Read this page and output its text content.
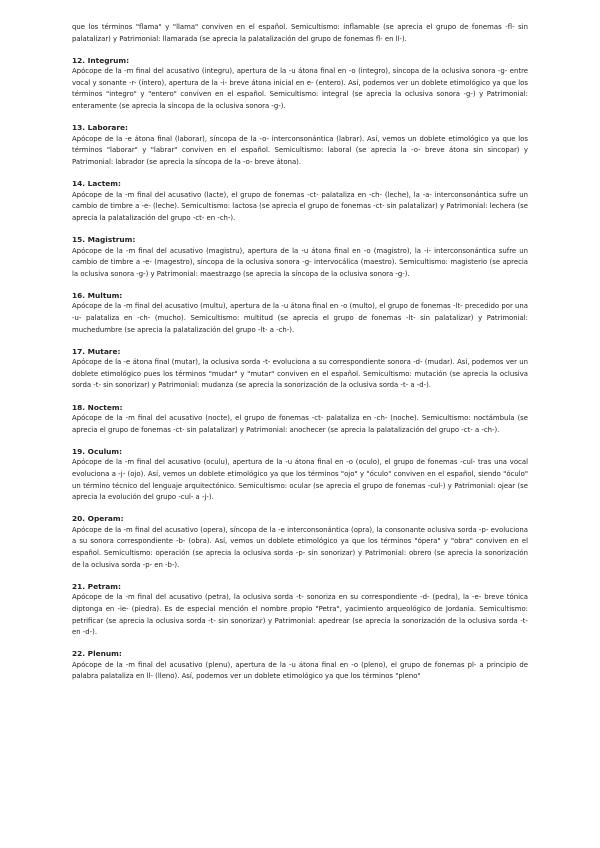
que los términos "flama" y "llama" conviven en el español. Semicultismo: inflamable (se aprecia el grupo de fonemas -fl- sin palatalizar) y Patrimonial: llamarada (se aprecia la palatalización del grupo de fonemas fl- en ll-).

12. Integrum:

Apócope de la -m final del acusativo (integru), apertura de la -u átona final en -o (integro), síncopa de la oclusiva sonora -g- entre vocal y sonante -r- (íntero), apertura de la -i- breve átona inicial en e- (entero). Así, podemos ver un doblete etimológico ya que los términos "integro" y "entero" conviven en el español. Semicultismo: integral (se aprecia la oclusiva sonora -g-) y Patrimonial: enteramente (se aprecia la síncopa de la oclusiva sonora -g-).

13. Laborare:

Apócope de la -e átona final (laborar), síncopa de la -o- interconsonántica (labrar). Así, vemos un doblete etimológico ya que los términos "laborar" y "labrar" conviven en el español. Semicultismo: laboral (se aprecia la -o- breve átona sin sincopar) y Patrimonial: labrador (se aprecia la síncopa de la -o- breve átona).

14. Lactem:

Apócope de la -m final del acusativo (lacte), el grupo de fonemas -ct- palataliza en -ch- (leche), la -a- interconsonántica sufre un cambio de timbre a -e- (leche). Semicultismo: lactosa (se aprecia el grupo de fonemas -ct- sin palatalizar) y Patrimonial: lechera (se aprecia la palatalización del grupo -ct- en -ch-).

15. Magistrum:

Apócope de la -m final del acusativo (magistru), apertura de la -u átona final en -o (magistro), la -i- interconsonántica sufre un cambio de timbre a -e- (magestro), síncopa de la oclusiva sonora -g- intervocálica (maestro). Semicultismo: magisterio (se aprecia la oclusiva sonora -g-) y Patrimonial: maestrazgo (se aprecia la síncopa de la oclusiva sonora -g-).

16. Multum:

Apócope de la -m final del acusativo (multu), apertura de la -u átona final en -o (multo), el grupo de fonemas -lt- precedido por una -u- palataliza en -ch- (mucho). Semicultismo: multitud (se aprecia el grupo de fonemas -lt- sin palatalizar) y Patrimonial: muchedumbre (se aprecia la palatalización del grupo -lt- a -ch-).

17. Mutare:

Apócope de la -e átona final (mutar), la oclusiva sorda -t- evoluciona a su correspondiente sonora -d- (mudar). Así, podemos ver un doblete etimológico pues los términos "mudar" y "mutar" conviven en el español. Semicultismo: mutación (se aprecia la oclusiva sorda -t- sin sonorizar) y Patrimonial: mudanza (se aprecia la sonorización de la oclusiva sorda -t- a -d-).

18. Noctem:

Apócope de la -m final del acusativo (nocte), el grupo de fonemas -ct- palataliza en -ch- (noche). Semicultismo: noctámbula (se aprecia el grupo de fonemas -ct- sin palatalizar) y Patrimonial: anochecer (se aprecia la palatalización del grupo -ct- a -ch-).

19. Oculum:

Apócope de la -m final del acusativo (oculu), apertura de la -u átona final en -o (oculo), el grupo de fonemas -cul- tras una vocal evoluciona a -j- (ojo). Así, vemos un doblete etimológico ya que los términos "ojo" y "óculo" conviven en el español, siendo "óculo" un término técnico del lenguaje arquitectónico. Semicultismo: ocular (se aprecia el grupo de fonemas -cul-) y Patrimonial: ojear (se aprecia la evolución del grupo -cul- a -j-).

20. Operam:

Apócope de la -m final del acusativo (opera), síncopa de la -e interconsonántica (opra), la consonante oclusiva sorda -p- evoluciona a su sonora correspondiente -b- (obra). Así, vemos un doblete etimológico ya que los términos "ópera" y "obra" conviven en el español. Semicultismo: operación (se aprecia la oclusiva sorda -p- sin sonorizar) y Patrimonial: obrero (se aprecia la sonorización de la oclusiva sorda -p- en -b-).

21. Petram:

Apócope de la -m final del acusativo (petra), la oclusiva sorda -t- sonoriza en su correspondiente -d- (pedra), la -e- breve tónica diptonga en -ie- (piedra). Es de especial mención el nombre propio "Petra", yacimiento arqueológico de Jordania. Semicultismo: petrificar (se aprecia la oclusiva sorda -t- sin sonorizar) y Patrimonial: apedrear (se aprecia la sonorización de la oclusiva sorda -t- en -d-).

22. Plenum:

Apócope de la -m final del acusativo (plenu), apertura de la -u átona final en -o (pleno), el grupo de fonemas pl- a principio de palabra palataliza en ll- (lleno). Así, podemos ver un doblete etimológico ya que los términos "pleno"
